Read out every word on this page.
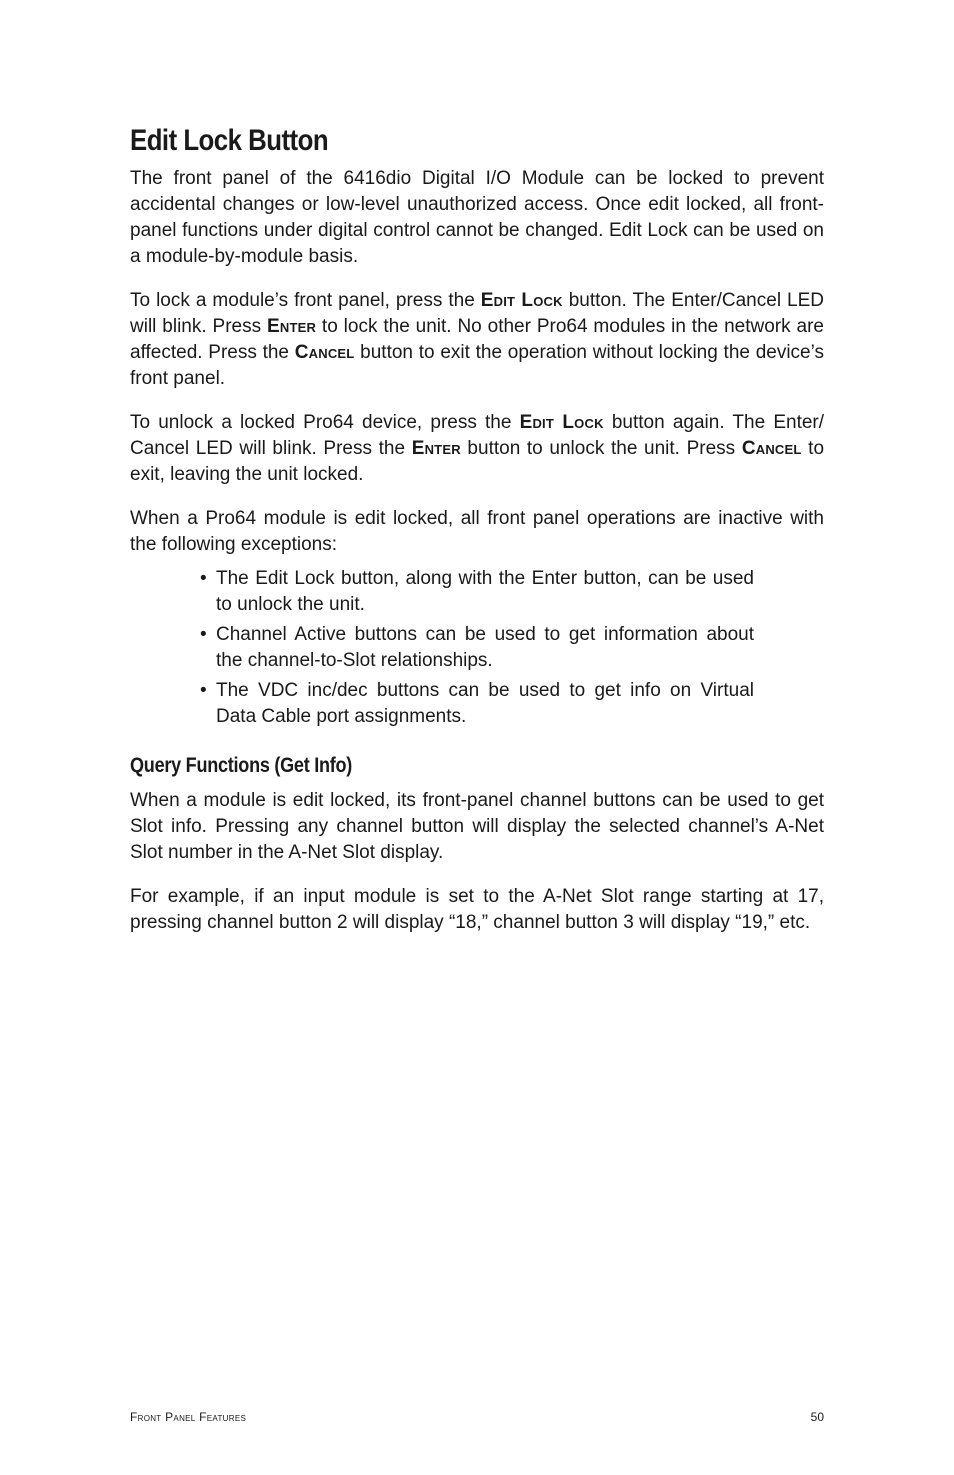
Edit Lock Button

The front panel of the 6416dio Digital I/O Module can be locked to prevent accidental changes or low-level unauthorized access. Once edit locked, all front-panel functions under digital control cannot be changed. Edit Lock can be used on a module-by-module basis.

To lock a module’s front panel, press the Edit Lock button. The Enter/Cancel LED will blink. Press Enter to lock the unit. No other Pro64 modules in the network are affected. Press the Cancel button to exit the operation without locking the device’s front panel.

To unlock a locked Pro64 device, press the Edit Lock button again. The Enter/ Cancel LED will blink. Press the Enter button to unlock the unit. Press Cancel to exit, leaving the unit locked.

When a Pro64 module is edit locked, all front panel operations are inactive with the following exceptions:

• The Edit Lock button, along with the Enter button, can be used to unlock the unit.
• Channel Active buttons can be used to get information about the channel-to-Slot relationships.
• The VDC inc/dec buttons can be used to get info on Virtual Data Cable port assignments.
Query Functions (Get Info)

When a module is edit locked, its front-panel channel buttons can be used to get Slot info. Pressing any channel button will display the selected channel’s A-Net Slot number in the A-Net Slot display.

For example, if an input module is set to the A-Net Slot range starting at 17, pressing channel button 2 will display “18,” channel button 3 will display “19,” etc.

Front Panel Features	50
